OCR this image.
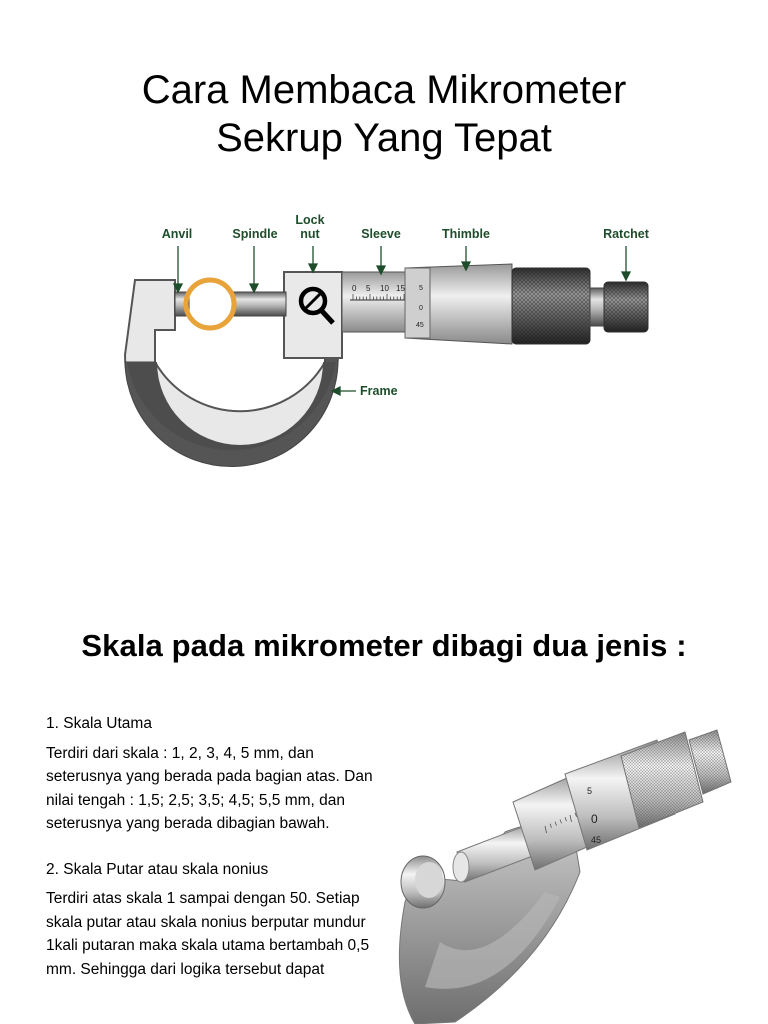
Cara Membaca Mikrometer
Sekrup Yang Tepat
0 5 10 15 5
0
45
Anvil	Spindle
Lock
nut	Sleeve	Thimble	Ratchet
Frame
Skala pada mikrometer dibagi dua jenis :

1. Skala Utama

Terdiri dari skala : 1, 2, 3, 4, 5 mm, dan seterusnya yang berada pada bagian atas. Dan nilai tengah : 1,5; 2,5; 3,5; 4,5; 5,5 mm, dan seterusnya yang berada dibagian bawah.

2. Skala Putar atau skala nonius

Terdiri atas skala 1 sampai dengan 50. Setiap skala putar atau skala nonius berputar mundur 1kali putaran maka skala utama bertambah 0,5 mm. Sehingga dari logika tersebut dapat

5
0
45
